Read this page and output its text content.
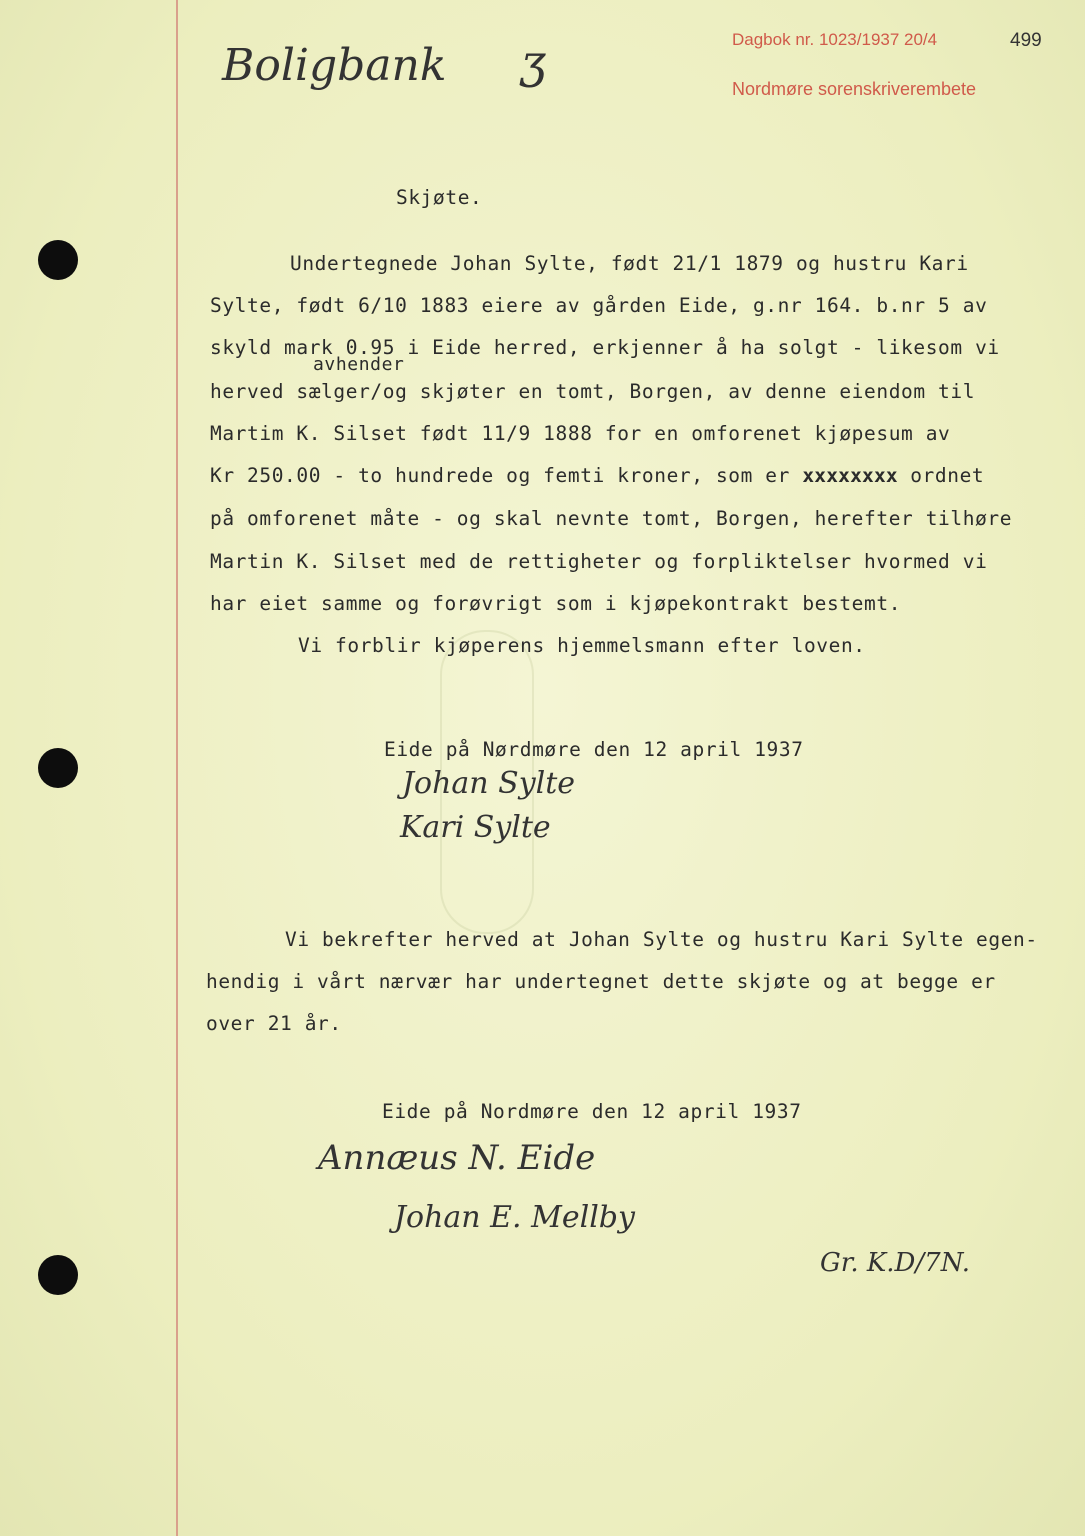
Boligbank ʒ	Dagbok nr. 1023/1937 20/4
Nordmøre sorenskriverembete
499
Skjøte.
Undertegnede Johan Sylte, født 21/1 1879 og hustru Kari
Sylte, født 6/10 1883 eiere av gården Eide, g.nr 164. b.nr 5 av
skyld mark 0.95 i Eide herred, erkjenner å ha solgt - likesom vi
avhender
herved sælger/og skjøter en tomt, Borgen, av denne eiendom til
Martim K. Silset født 11/9 1888 for en omforenet kjøpesum av
Kr 250.00 - to hundrede og femti kroner, som er xxxxxxxx ordnet
på omforenet måte - og skal nevnte tomt, Borgen, herefter tilhøre
Martin K. Silset med de rettigheter og forpliktelser hvormed vi
har eiet samme og forøvrigt som i kjøpekontrakt bestemt.
Vi forblir kjøperens hjemmelsmann efter loven.
Eide på Nørdmøre den 12 april 1937
Johan Sylte
Kari Sylte
Vi bekrefter herved at Johan Sylte og hustru Kari Sylte egen-
hendig i vårt nærvær har undertegnet dette skjøte og at begge er
over 21 år.
Eide på Nordmøre den 12 april 1937
Annæus N. Eide
Johan E. Mellby
Gr. K.D/7N.
